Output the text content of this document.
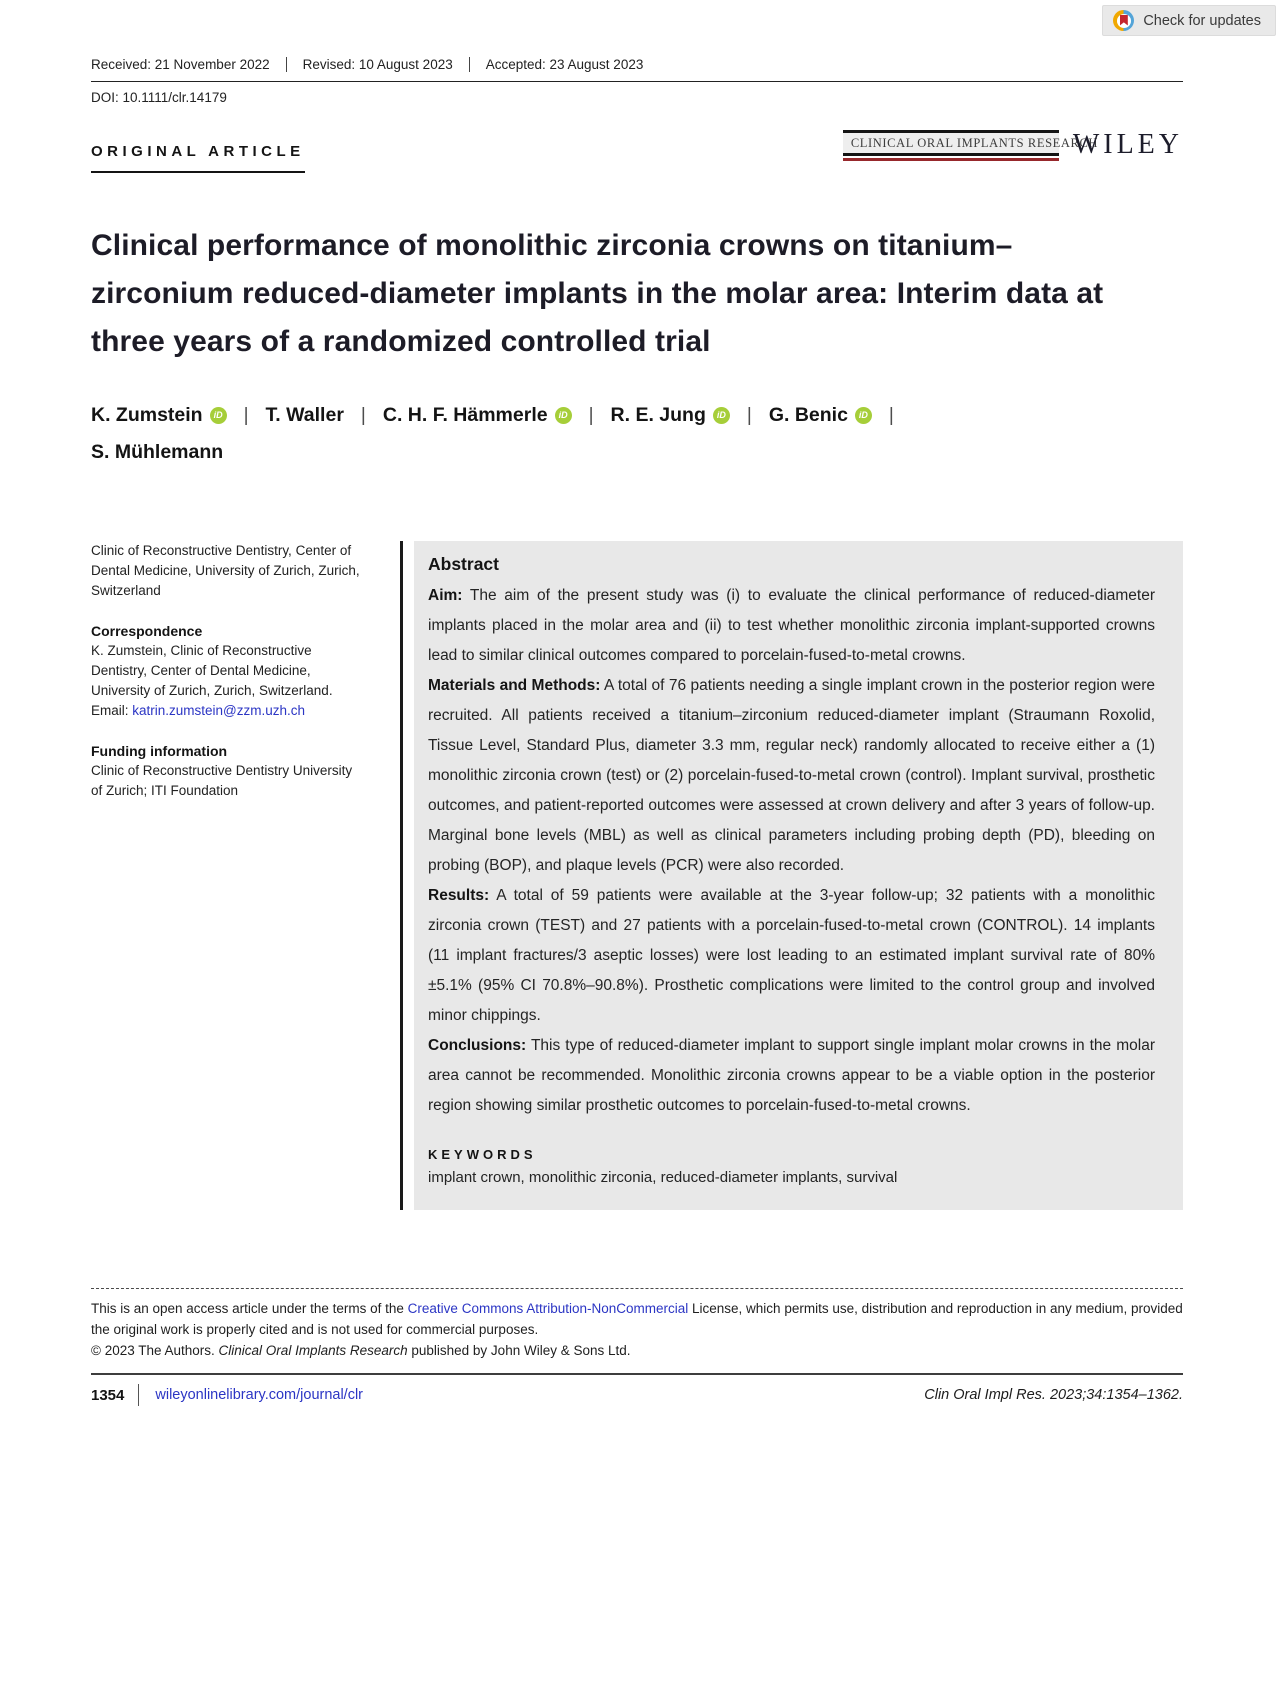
Check for updates
Received: 21 November 2022	Revised: 10 August 2023	Accepted: 23 August 2023
DOI: 10.1111/clr.14179
ORIGINAL ARTICLE
CLINICAL ORAL IMPLANTS RESEARCH
WILEY
Clinical performance of monolithic zirconia crowns on titanium–zirconium reduced-diameter implants in the molar area: Interim data at three years of a randomized controlled trial
K. Zumstein	iD | T. Waller | C. H. F. Hämmerle	iD | R. E. Jung	iD | G. Benic	iD |
S. Mühlemann
Clinic of Reconstructive Dentistry, Center of Dental Medicine, University of Zurich, Zurich, Switzerland
Correspondence
K. Zumstein, Clinic of Reconstructive Dentistry, Center of Dental Medicine, University of Zurich, Zurich, Switzerland.
Email: katrin.zumstein@zzm.uzh.ch
Funding information
Clinic of Reconstructive Dentistry University of Zurich; ITI Foundation
Abstract

Aim: The aim of the present study was (i) to evaluate the clinical performance of reduced-diameter implants placed in the molar area and (ii) to test whether monolithic zirconia implant-supported crowns lead to similar clinical outcomes compared to porcelain-fused-to-metal crowns.

Materials and Methods: A total of 76 patients needing a single implant crown in the posterior region were recruited. All patients received a titanium–zirconium reduced-diameter implant (Straumann Roxolid, Tissue Level, Standard Plus, diameter 3.3 mm, regular neck) randomly allocated to receive either a (1) monolithic zirconia crown (test) or (2) porcelain-fused-to-metal crown (control). Implant survival, prosthetic outcomes, and patient-reported outcomes were assessed at crown delivery and after 3 years of follow-up. Marginal bone levels (MBL) as well as clinical parameters including probing depth (PD), bleeding on probing (BOP), and plaque levels (PCR) were also recorded.

Results: A total of 59 patients were available at the 3-year follow-up; 32 patients with a monolithic zirconia crown (TEST) and 27 patients with a porcelain-fused-to-metal crown (CONTROL). 14 implants (11 implant fractures/3 aseptic losses) were lost leading to an estimated implant survival rate of 80%±5.1% (95% CI 70.8%–90.8%). Prosthetic complications were limited to the control group and involved minor chippings.

Conclusions: This type of reduced-diameter implant to support single implant molar crowns in the molar area cannot be recommended. Monolithic zirconia crowns appear to be a viable option in the posterior region showing similar prosthetic outcomes to porcelain-fused-to-metal crowns.

KEYWORDS
implant crown, monolithic zirconia, reduced-diameter implants, survival
This is an open access article under the terms of the Creative Commons Attribution-NonCommercial License, which permits use, distribution and reproduction in any medium, provided the original work is properly cited and is not used for commercial purposes.
© 2023 The Authors. Clinical Oral Implants Research published by John Wiley & Sons Ltd.
1354	wileyonlinelibrary.com/journal/clr	Clin Oral Impl Res. 2023;34:1354–1362.
